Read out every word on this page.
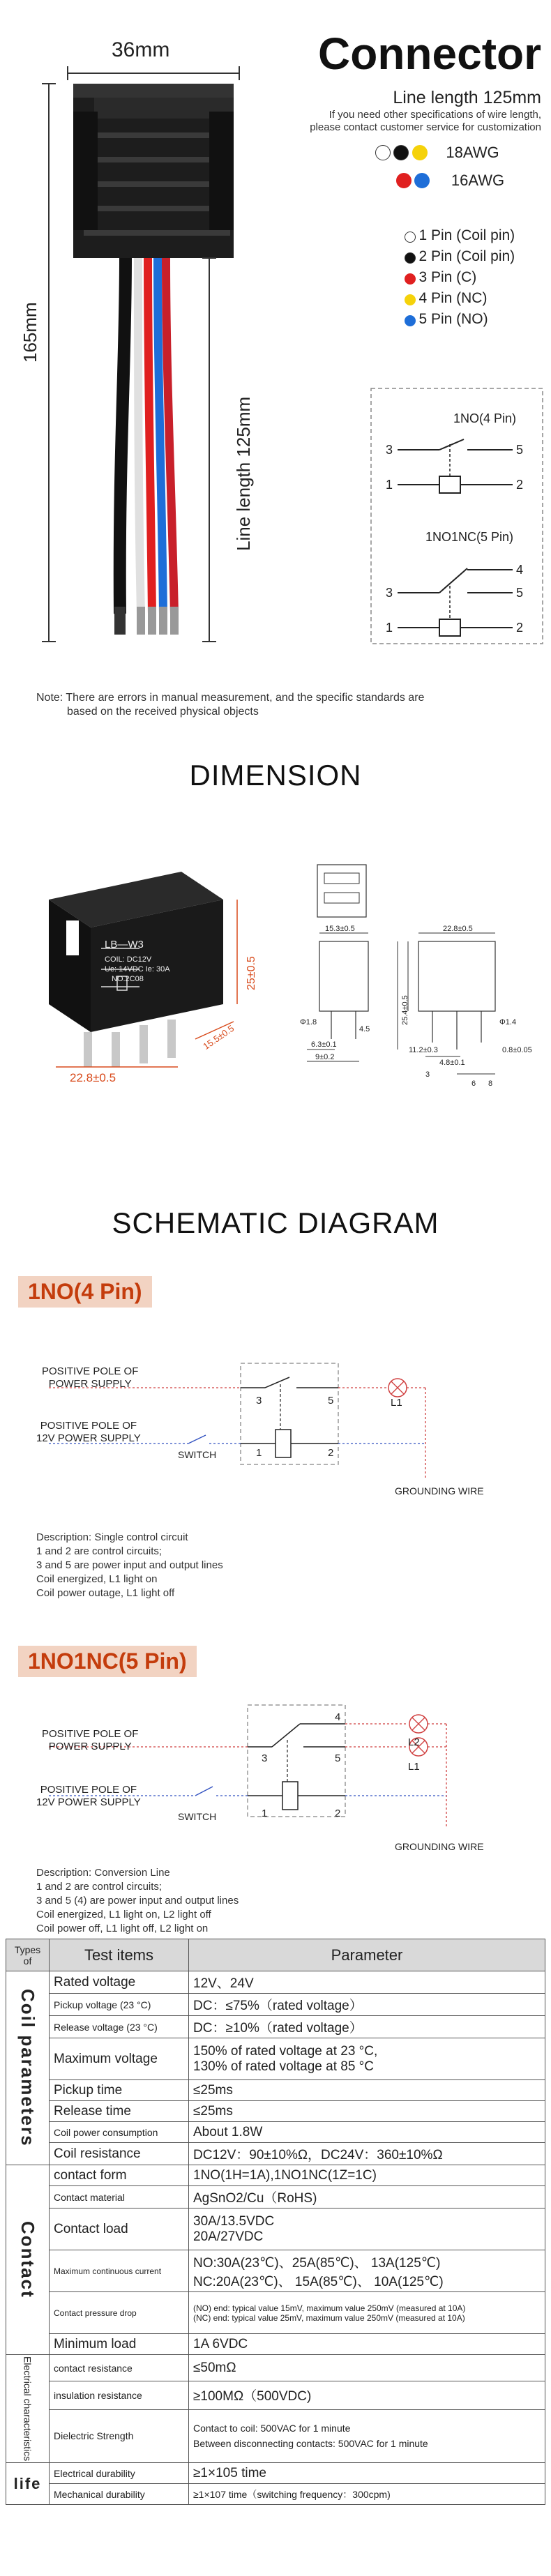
36mm
165mm
Line length 125mm
Connector
Line length 125mm
If you need other specifications of wire length,
please contact customer service for customization
18AWG
16AWG
1 Pin (Coil pin)
2 Pin (Coil pin)
3 Pin (C)
4 Pin (NC)
5 Pin (NO)
1NO(4 Pin)
1NO1NC(5 Pin)
3	5
1	2
4
3	5
1	2
Note: There are errors in manual measurement, and the specific standards are
based on the received physical objects
DIMENSION
LB—W3
COIL: DC12V
Ue: 14VDC Ie: 30A
NO.2C08	25±0.5
22.8±0.5
15.5±0.5
15.3±0.5	22.8±0.5
25.4±0.5
Φ1.8	Φ1.4
4.5
6.3±0.1
9±0.2
11.2±0.3
4.8±0.1
0.8±0.05
3
6 8
SCHEMATIC DIAGRAM
1NO(4 Pin)
POSITIVE POLE OF
POWER SUPPLY
POSITIVE POLE OF
12V POWER SUPPLY
SWITCH
L1
GROUNDING WIRE
3	5
1	2
Description: Single control circuit
1 and 2 are control circuits;
3 and 5 are power input and output lines
Coil energized, L1 light on
Coil power outage, L1 light off
1NO1NC(5 Pin)
POSITIVE POLE OF
POWER SUPPLY
POSITIVE POLE OF
12V POWER SUPPLY
SWITCH
L2
L1
GROUNDING WIRE
4
3	5
1	2
Description: Conversion Line
1 and 2 are control circuits;
3 and 5 (4) are power input and output lines
Coil energized, L1 light on, L2 light off
Coil power off, L1 light off, L2 light on
Types of	Test items	Parameter
Coil parameters	Rated voltage	12V、24V
	Pickup voltage (23 °C)	DC：≤75%（rated voltage）
	Release voltage (23 °C)	DC：≥10%（rated voltage）
	Maximum voltage	150% of rated voltage at 23 °C,
130% of rated voltage at 85 °C

	Pickup time	≤25ms
	Release time	≤25ms
	Coil power consumption	About 1.8W
	Coil resistance	DC12V：90±10%Ω，DC24V：360±10%Ω
Contact	contact form	1NO(1H=1A),1NO1NC(1Z=1C)
	Contact material	AgSnO2/Cu（RoHS)
	Contact load	30A/13.5VDC
20A/27VDC

	Maximum continuous current	NO:30A(23℃)、25A(85℃)、 13A(125℃)
NC:20A(23℃)、 15A(85℃)、 10A(125℃)

	Contact pressure drop	(NO) end: typical value 15mV, maximum value 250mV (measured at 10A)
(NC) end: typical value 25mV, maximum value 250mV (measured at 10A)

	Minimum load	1A 6VDC
Electrical characteristics	contact resistance	≤50mΩ
	insulation resistance	≥100MΩ（500VDC)
	Dielectric Strength	Contact to coil: 500VAC for 1 minute
Between disconnecting contacts: 500VAC for 1 minute

life	Electrical durability	≥1×105 time
	Mechanical durability	≥1×107 time（switching frequency：300cpm)
